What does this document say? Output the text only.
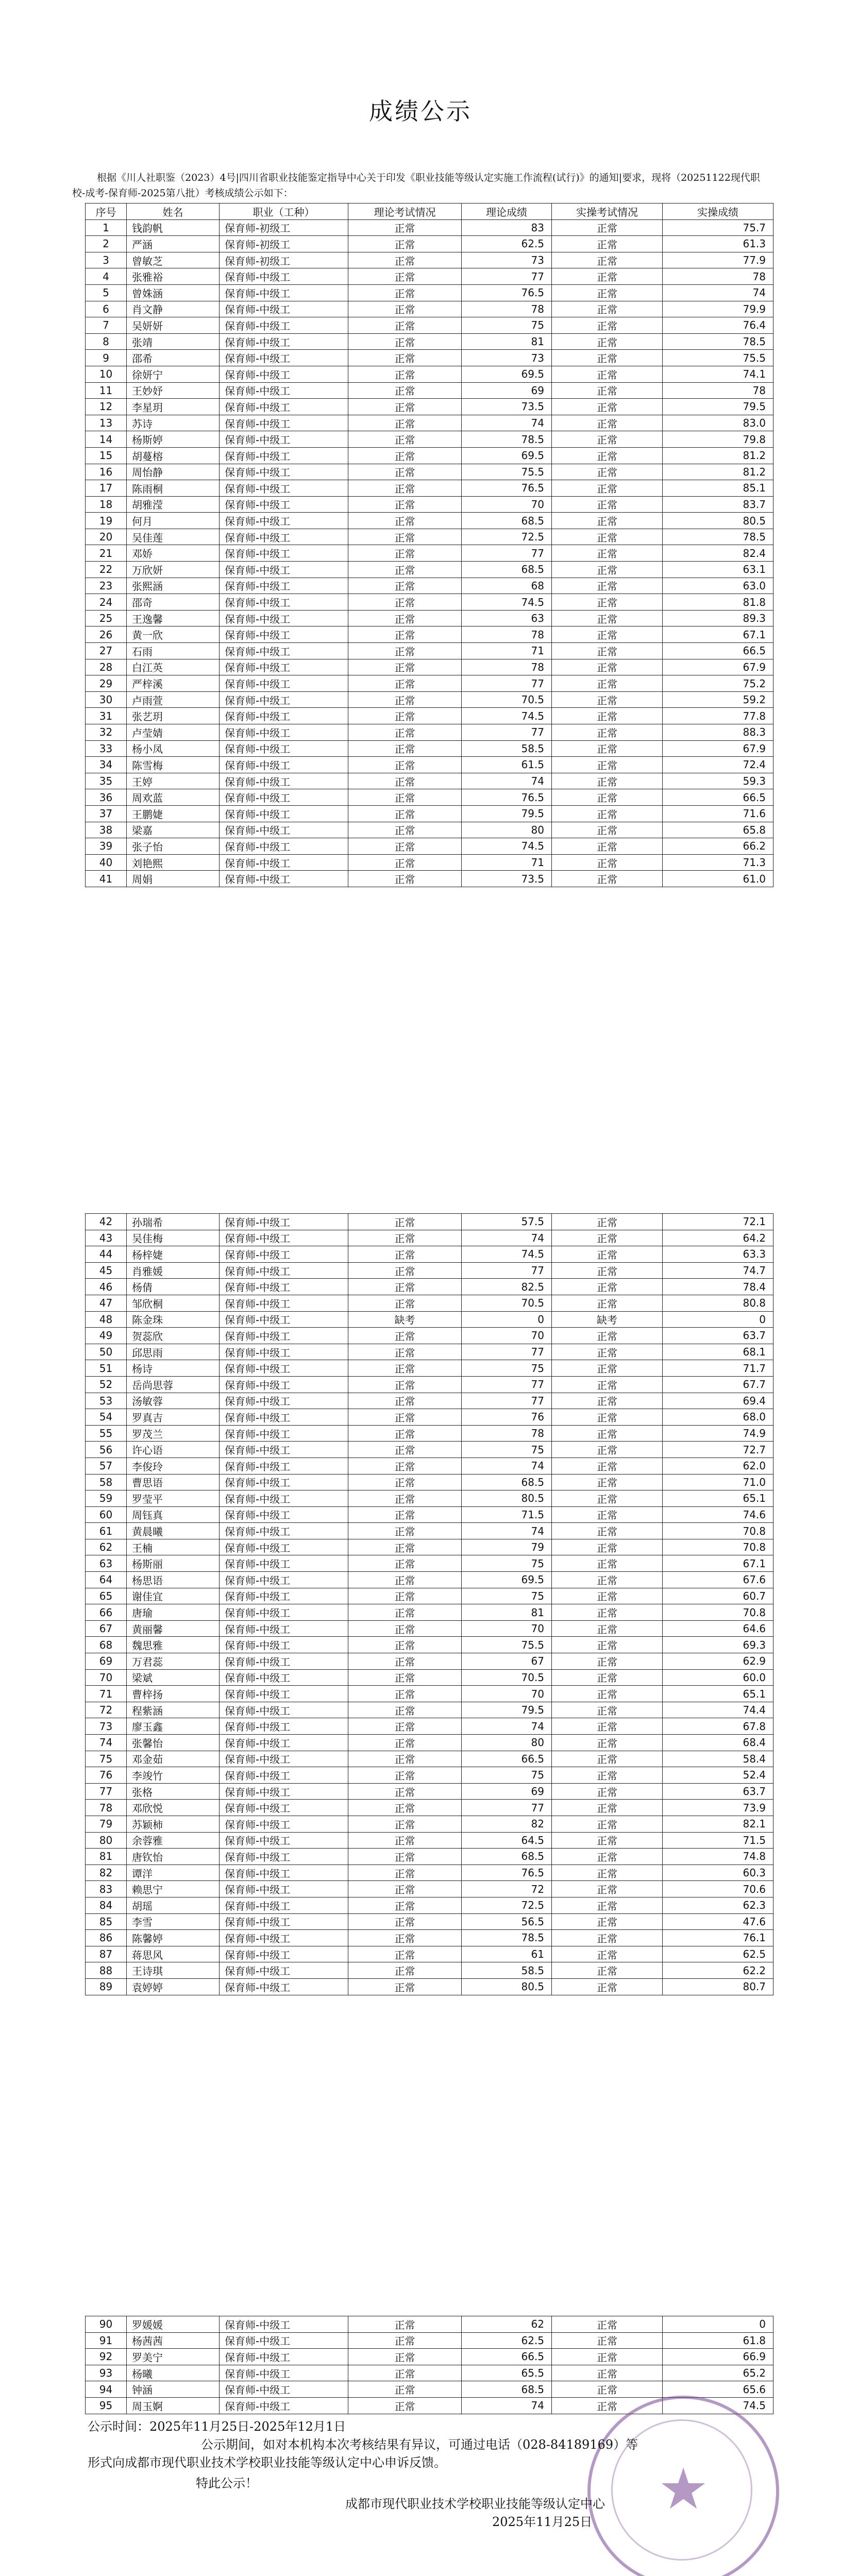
成绩公示
根据《川人社职鉴（2023）4号|四川省职业技能鉴定指导中心关于印发《职业技能等级认定实施工作流程(试行)》的通知|要求，现将（20251122现代职校-成考-保育师-2025第八批）考核成绩公示如下：
序号	姓名	职业（工种）	理论考试情况	理论成绩	实操考试情况	实操成绩
1	钱韵帆	保育师-初级工	正常	83	正常	75.7
2	严涵	保育师-初级工	正常	62.5	正常	61.3
3	曾敏芝	保育师-初级工	正常	73	正常	77.9
4	张雅裕	保育师-中级工	正常	77	正常	78
5	曾姝涵	保育师-中级工	正常	76.5	正常	74
6	肖文静	保育师-中级工	正常	78	正常	79.9
7	吴妍妍	保育师-中级工	正常	75	正常	76.4
8	张靖	保育师-中级工	正常	81	正常	78.5
9	邵希	保育师-中级工	正常	73	正常	75.5
10	徐妍宁	保育师-中级工	正常	69.5	正常	74.1
11	王妙妤	保育师-中级工	正常	69	正常	78
12	李星玥	保育师-中级工	正常	73.5	正常	79.5
13	苏诗	保育师-中级工	正常	74	正常	83.0
14	杨斯婷	保育师-中级工	正常	78.5	正常	79.8
15	胡蔓榕	保育师-中级工	正常	69.5	正常	81.2
16	周怡静	保育师-中级工	正常	75.5	正常	81.2
17	陈雨桐	保育师-中级工	正常	76.5	正常	85.1
18	胡雅滢	保育师-中级工	正常	70	正常	83.7
19	何月	保育师-中级工	正常	68.5	正常	80.5
20	吴佳莲	保育师-中级工	正常	72.5	正常	78.5
21	邓娇	保育师-中级工	正常	77	正常	82.4
22	万欣妍	保育师-中级工	正常	68.5	正常	63.1
23	张熙涵	保育师-中级工	正常	68	正常	63.0
24	邵奇	保育师-中级工	正常	74.5	正常	81.8
25	王逸馨	保育师-中级工	正常	63	正常	89.3
26	黄一欣	保育师-中级工	正常	78	正常	67.1
27	石雨	保育师-中级工	正常	71	正常	66.5
28	白江英	保育师-中级工	正常	78	正常	67.9
29	严梓溪	保育师-中级工	正常	77	正常	75.2
30	卢雨萱	保育师-中级工	正常	70.5	正常	59.2
31	张艺玥	保育师-中级工	正常	74.5	正常	77.8
32	卢莹婧	保育师-中级工	正常	77	正常	88.3
33	杨小凤	保育师-中级工	正常	58.5	正常	67.9
34	陈雪梅	保育师-中级工	正常	61.5	正常	72.4
35	王婷	保育师-中级工	正常	74	正常	59.3
36	周欢蓝	保育师-中级工	正常	76.5	正常	66.5
37	王鹏婕	保育师-中级工	正常	79.5	正常	71.6
38	梁嘉	保育师-中级工	正常	80	正常	65.8
39	张子怡	保育师-中级工	正常	74.5	正常	66.2
40	刘艳熙	保育师-中级工	正常	71	正常	71.3
41	周娟	保育师-中级工	正常	73.5	正常	61.0
42	孙瑞希	保育师-中级工	正常	57.5	正常	72.1
43	吴佳梅	保育师-中级工	正常	74	正常	64.2
44	杨梓婕	保育师-中级工	正常	74.5	正常	63.3
45	肖雅媛	保育师-中级工	正常	77	正常	74.7
46	杨倩	保育师-中级工	正常	82.5	正常	78.4
47	邹欣桐	保育师-中级工	正常	70.5	正常	80.8
48	陈金珠	保育师-中级工	缺考	0	缺考	0
49	贺蕊欣	保育师-中级工	正常	70	正常	63.7
50	邱思雨	保育师-中级工	正常	77	正常	68.1
51	杨诗	保育师-中级工	正常	75	正常	71.7
52	岳尚思蓉	保育师-中级工	正常	77	正常	67.7
53	汤敏蓉	保育师-中级工	正常	77	正常	69.4
54	罗真吉	保育师-中级工	正常	76	正常	68.0
55	罗茂兰	保育师-中级工	正常	78	正常	74.9
56	许心语	保育师-中级工	正常	75	正常	72.7
57	李俊玲	保育师-中级工	正常	74	正常	62.0
58	曹思语	保育师-中级工	正常	68.5	正常	71.0
59	罗莹平	保育师-中级工	正常	80.5	正常	65.1
60	周钰真	保育师-中级工	正常	71.5	正常	74.6
61	黄晨曦	保育师-中级工	正常	74	正常	70.8
62	王楠	保育师-中级工	正常	79	正常	70.8
63	杨斯丽	保育师-中级工	正常	75	正常	67.1
64	杨思语	保育师-中级工	正常	69.5	正常	67.6
65	谢佳宜	保育师-中级工	正常	75	正常	60.7
66	唐瑜	保育师-中级工	正常	81	正常	70.8
67	黄丽馨	保育师-中级工	正常	70	正常	64.6
68	魏思雅	保育师-中级工	正常	75.5	正常	69.3
69	万君蕊	保育师-中级工	正常	67	正常	62.9
70	梁斌	保育师-中级工	正常	70.5	正常	60.0
71	曹梓扬	保育师-中级工	正常	70	正常	65.1
72	程紫涵	保育师-中级工	正常	79.5	正常	74.4
73	廖玉鑫	保育师-中级工	正常	74	正常	67.8
74	张馨怡	保育师-中级工	正常	80	正常	68.4
75	邓金茹	保育师-中级工	正常	66.5	正常	58.4
76	李竣竹	保育师-中级工	正常	75	正常	52.4
77	张格	保育师-中级工	正常	69	正常	63.7
78	邓欣悦	保育师-中级工	正常	77	正常	73.9
79	苏颖柿	保育师-中级工	正常	82	正常	82.1
80	余蓉雅	保育师-中级工	正常	64.5	正常	71.5
81	唐钦怡	保育师-中级工	正常	68.5	正常	74.8
82	谭洋	保育师-中级工	正常	76.5	正常	60.3
83	赖思宁	保育师-中级工	正常	72	正常	70.6
84	胡瑶	保育师-中级工	正常	72.5	正常	62.3
85	李雪	保育师-中级工	正常	56.5	正常	47.6
86	陈馨婷	保育师-中级工	正常	78.5	正常	76.1
87	蒋思风	保育师-中级工	正常	61	正常	62.5
88	王诗琪	保育师-中级工	正常	58.5	正常	62.2
89	袁婷婷	保育师-中级工	正常	80.5	正常	80.7
90	罗媛媛	保育师-中级工	正常	62	正常	0
91	杨茜茜	保育师-中级工	正常	62.5	正常	61.8
92	罗美宁	保育师-中级工	正常	66.5	正常	66.9
93	杨曦	保育师-中级工	正常	65.5	正常	65.2
94	钟涵	保育师-中级工	正常	68.5	正常	65.6
95	周玉婀	保育师-中级工	正常	74	正常	74.5
★
公示时间：2025年11月25日-2025年12月1日
公示期间，如对本机构本次考核结果有异议，可通过电话（028-84189169）等
形式向成都市现代职业技术学校职业技能等级认定中心申诉反馈。
特此公示！
成都市现代职业技术学校职业技能等级认定中心
2025年11月25日
